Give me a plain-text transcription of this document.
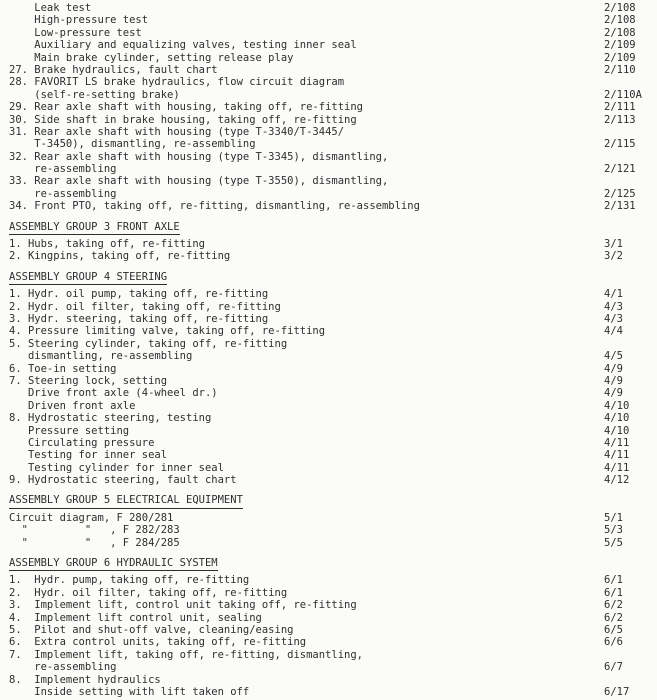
Leak test	2/108
High-pressure test	2/108
Low-pressure test	2/108
Auxiliary and equalizing valves, testing inner seal	2/109
Main brake cylinder, setting release play	2/109
27. Brake hydraulics, fault chart	2/110
28. FAVORIT LS brake hydraulics, flow circuit diagram
(self-re-setting brake)	2/110A
29. Rear axle shaft with housing, taking off, re-fitting	2/111
30. Side shaft in brake housing, taking off, re-fitting	2/113
31. Rear axle shaft with housing (type T-3340/T-3445/
T-3450), dismantling, re-assembling	2/115
32. Rear axle shaft with housing (type T-3345), dismantling,
re-assembling	2/121
33. Rear axle shaft with housing (type T-3550), dismantling,
re-assembling	2/125
34. Front PTO, taking off, re-fitting, dismantling, re-assembling	2/131
ASSEMBLY GROUP 3 FRONT AXLE
1. Hubs, taking off, re-fitting	3/1
2. Kingpins, taking off, re-fitting	3/2
ASSEMBLY GROUP 4 STEERING
1. Hydr. oil pump, taking off, re-fitting	4/1
2. Hydr. oil filter, taking off, re-fitting	4/3
3. Hydr. steering, taking off, re-fitting	4/3
4. Pressure limiting valve, taking off, re-fitting	4/4
5. Steering cylinder, taking off, re-fitting
dismantling, re-assembling	4/5
6. Toe-in setting	4/9
7. Steering lock, setting	4/9
Drive front axle (4-wheel dr.)	4/9
Driven front axle	4/10
8. Hydrostatic steering, testing	4/10
Pressure setting	4/10
Circulating pressure	4/11
Testing for inner seal	4/11
Testing cylinder for inner seal	4/11
9. Hydrostatic steering, fault chart	4/12
ASSEMBLY GROUP 5 ELECTRICAL EQUIPMENT
Circuit diagram, F 280/281	5/1
"         "   , F 282/283	5/3
"         "   , F 284/285	5/5
ASSEMBLY GROUP 6 HYDRAULIC SYSTEM
1.  Hydr. pump, taking off, re-fitting	6/1
2.  Hydr. oil filter, taking off, re-fitting	6/1
3.  Implement lift, control unit taking off, re-fitting	6/2
4.  Implement lift control unit, sealing	6/2
5.  Pilot and shut-off valve, cleaning/easing	6/5
6.  Extra control units, taking off, re-fitting	6/6
7.  Implement lift, taking off, re-fitting, dismantling,
re-assembling	6/7
8.  Implement hydraulics
Inside setting with lift taken off	6/17
